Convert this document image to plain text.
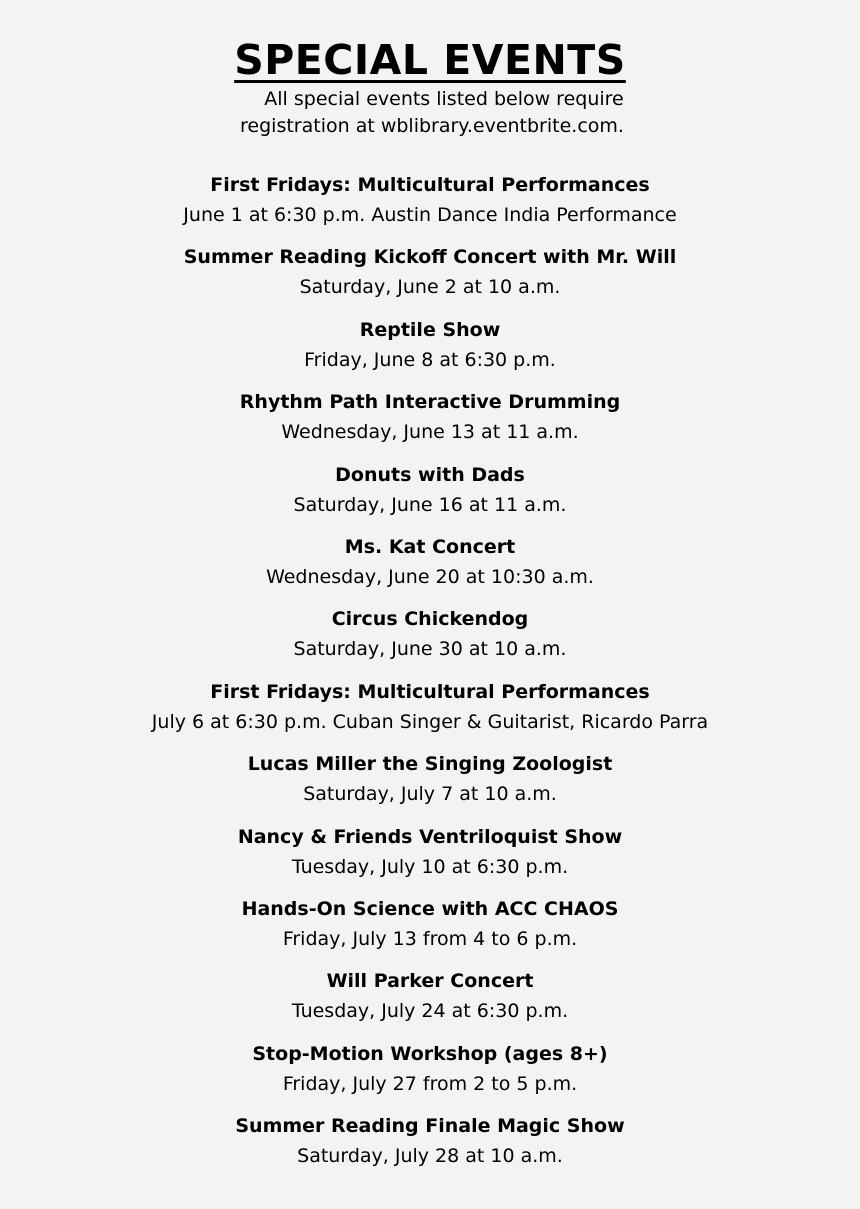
SPECIAL EVENTS
All special events listed below require
registration at wblibrary.eventbrite.com.
First Fridays: Multicultural Performances
June 1 at 6:30 p.m. Austin Dance India Performance
Summer Reading Kickoff Concert with Mr. Will
Saturday, June 2 at 10 a.m.
Reptile Show
Friday, June 8 at 6:30 p.m.
Rhythm Path Interactive Drumming
Wednesday, June 13 at 11 a.m.
Donuts with Dads
Saturday, June 16 at 11 a.m.
Ms. Kat Concert
Wednesday, June 20 at 10:30 a.m.
Circus Chickendog
Saturday, June 30 at 10 a.m.
First Fridays: Multicultural Performances
July 6 at 6:30 p.m. Cuban Singer & Guitarist, Ricardo Parra
Lucas Miller the Singing Zoologist
Saturday, July 7 at 10 a.m.
Nancy & Friends Ventriloquist Show
Tuesday, July 10 at 6:30 p.m.
Hands-On Science with ACC CHAOS
Friday, July 13 from 4 to 6 p.m.
Will Parker Concert
Tuesday, July 24 at 6:30 p.m.
Stop-Motion Workshop (ages 8+)
Friday, July 27 from 2 to 5 p.m.
Summer Reading Finale Magic Show
Saturday, July 28 at 10 a.m.
